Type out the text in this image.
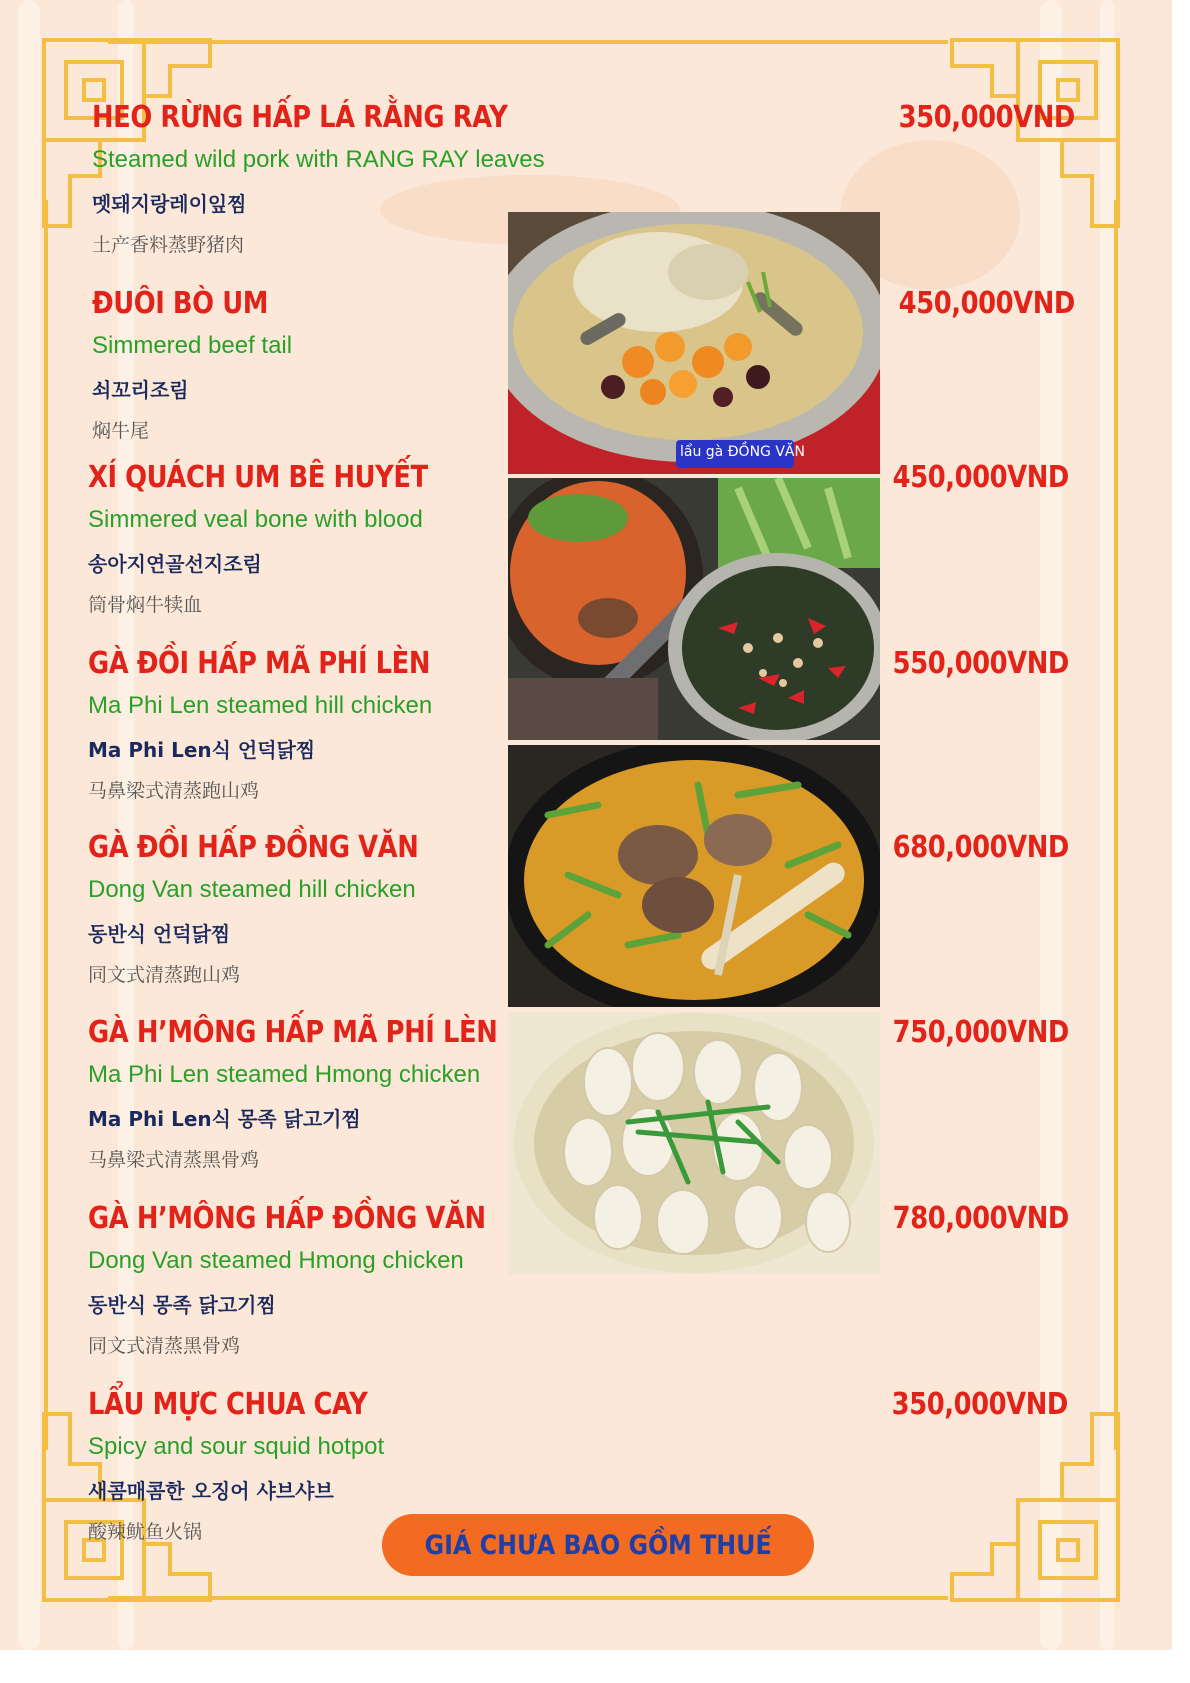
HEO RỪNG HẤP LÁ RẰNG RAY
Steamed wild pork with RANG RAY leaves
멧돼지랑레이잎찜
土产香料蒸野猪肉
350,000VND
ĐUÔI BÒ UM
Simmered beef tail
쇠꼬리조림
焖牛尾
450,000VND
XÍ QUÁCH UM BÊ HUYẾT
Simmered veal bone with blood
송아지연골선지조림
筒骨焖牛犊血
450,000VND
GÀ ĐỒI HẤP MÃ PHÍ LÈN
Ma Phi Len steamed hill chicken
Ma Phi Len식 언덕닭찜
马鼻梁式清蒸跑山鸡
550,000VND
GÀ ĐỒI HẤP ĐỒNG VĂN
Dong Van steamed hill chicken
동반식 언덕닭찜
同文式清蒸跑山鸡
680,000VND
GÀ H’MÔNG HẤP MÃ PHÍ LÈN
Ma Phi Len steamed Hmong chicken
Ma Phi Len식 몽족 닭고기찜
马鼻梁式清蒸黑骨鸡
750,000VND
GÀ H’MÔNG HẤP ĐỒNG VĂN
Dong Van steamed Hmong chicken
동반식 몽족 닭고기찜
同文式清蒸黑骨鸡
780,000VND
LẨU MỰC CHUA CAY
Spicy and sour squid hotpot
새콤매콤한 오징어 샤브샤브
酸辣鱿鱼火锅
350,000VND
lẩu gà ĐỒNG VĂN
GIÁ CHƯA BAO GỒM THUẾ
